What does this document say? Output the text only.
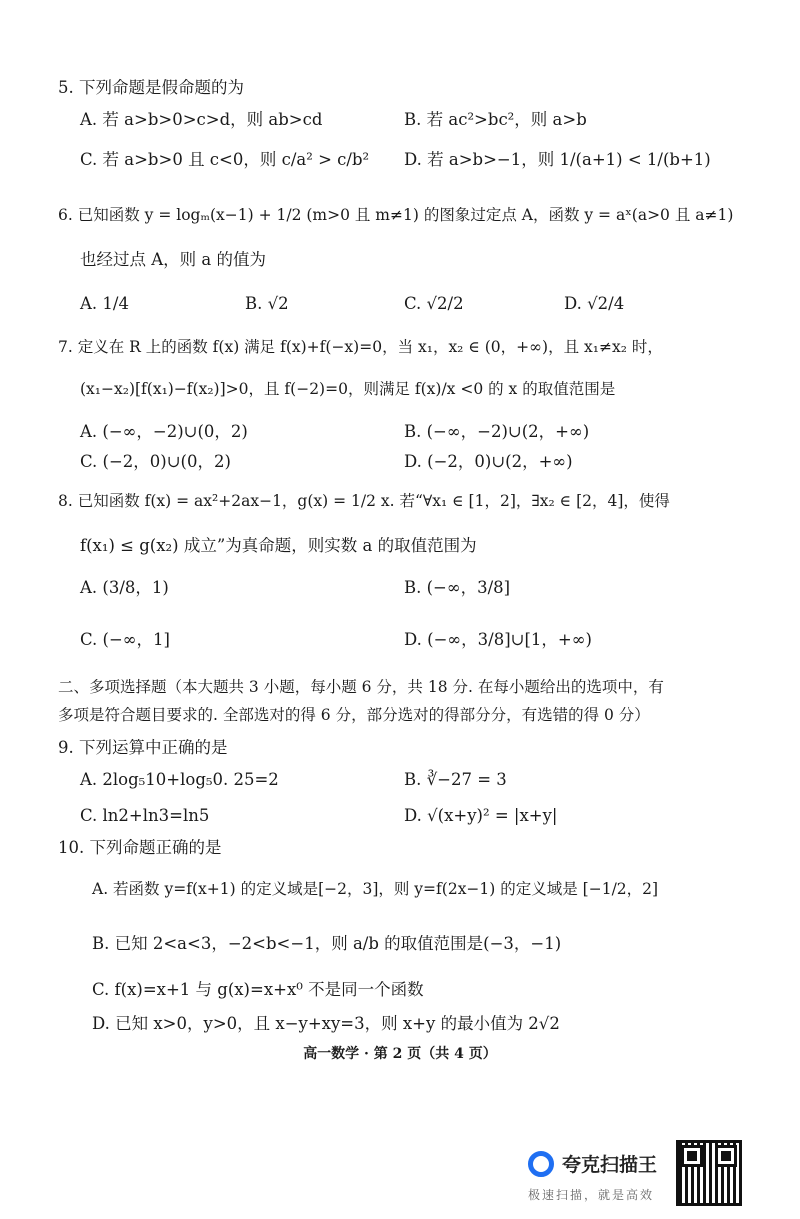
5. 下列命题是假命题的为
A. 若 a>b>0>c>d，则 ab>cd	B. 若 ac²>bc²，则 a>b
C. 若 a>b>0 且 c<0，则 c/a² > c/b² D. 若 a>b>−1，则 1/(a+1) < 1/(b+1)
6. 已知函数 y = logₘ(x−1) + 1/2 (m>0 且 m≠1) 的图象过定点 A，函数 y = aˣ(a>0 且 a≠1)
也经过点 A，则 a 的值为
A. 1/4	B. √2	C. √2/2	D. √2/4
7. 定义在 R 上的函数 f(x) 满足 f(x)+f(−x)=0，当 x₁，x₂ ∈ (0，+∞)，且 x₁≠x₂ 时，
(x₁−x₂)[f(x₁)−f(x₂)]>0，且 f(−2)=0，则满足 f(x)/x <0 的 x 的取值范围是
A. (−∞，−2)∪(0，2)	B. (−∞，−2)∪(2，+∞)
C. (−2，0)∪(0，2)	D. (−2，0)∪(2，+∞)
8. 已知函数 f(x) = ax²+2ax−1，g(x) = 1/2 x. 若“∀x₁ ∈ [1，2]，∃x₂ ∈ [2，4]，使得
f(x₁) ≤ g(x₂) 成立”为真命题，则实数 a 的取值范围为
A. (3/8，1)	B. (−∞，3/8]
C. (−∞，1]	D. (−∞，3/8]∪[1，+∞)
二、多项选择题（本大题共 3 小题，每小题 6 分，共 18 分. 在每小题给出的选项中，有
多项是符合题目要求的. 全部选对的得 6 分，部分选对的得部分分，有选错的得 0 分）
9. 下列运算中正确的是
A. 2log₅10+log₅0. 25=2	B. ∛−27 = 3
C. ln2+ln3=ln5	D. √(x+y)² = |x+y|
10. 下列命题正确的是
A. 若函数 y=f(x+1) 的定义域是[−2，3]，则 y=f(2x−1) 的定义域是 [−1/2，2]
B. 已知 2<a<3，−2<b<−1，则 a/b 的取值范围是(−3，−1)
C. f(x)=x+1 与 g(x)=x+x⁰ 不是同一个函数
D. 已知 x>0，y>0，且 x−y+xy=3，则 x+y 的最小值为 2√2
高一数学 · 第 2 页（共 4 页）
夸克扫描王
极速扫描，就是高效
